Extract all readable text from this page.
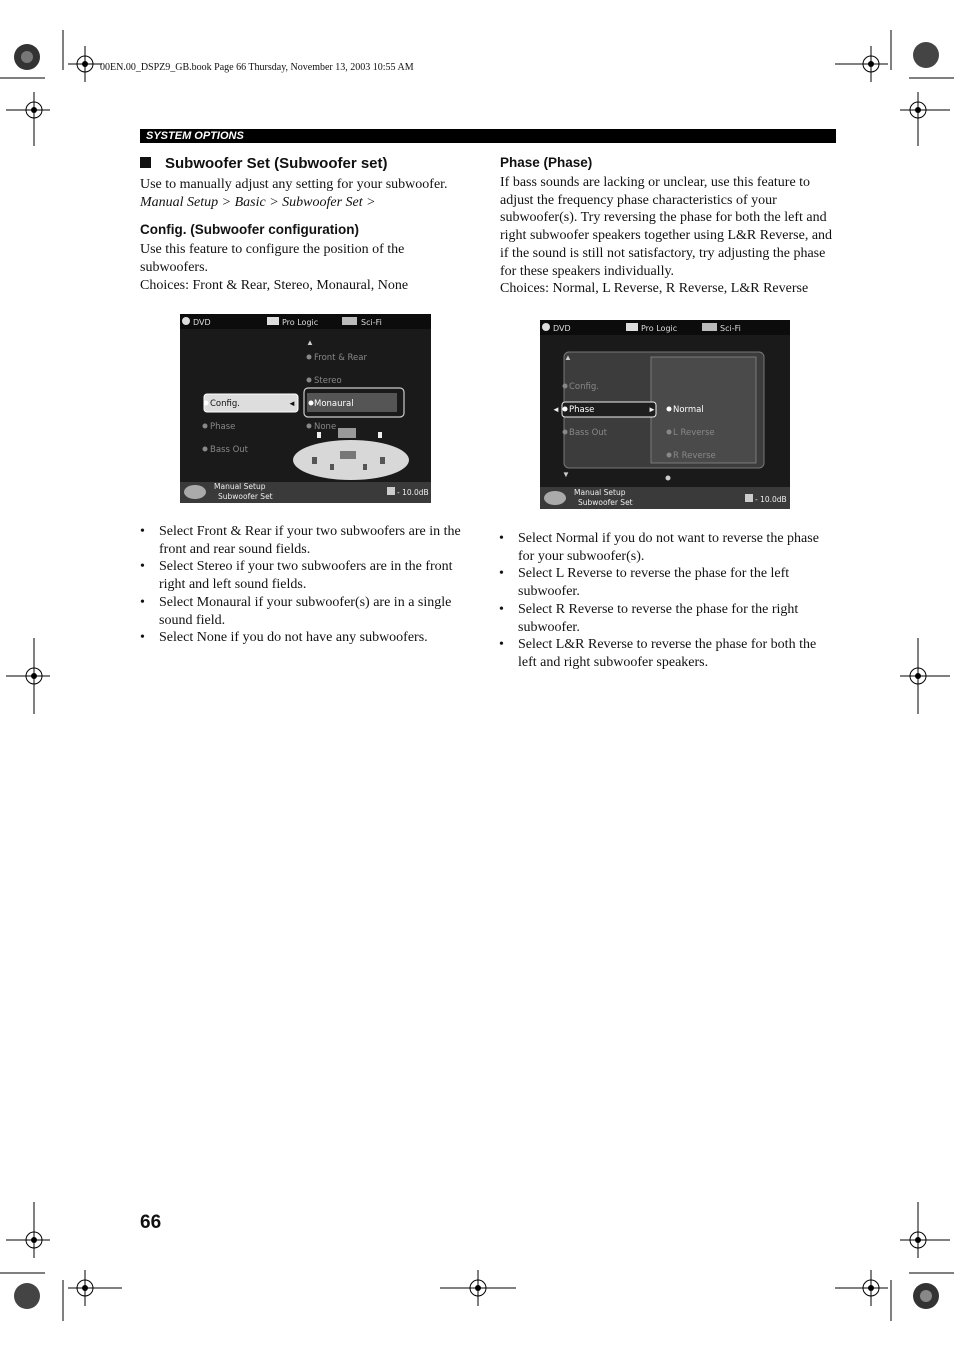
00EN.00_DSPZ9_GB.book Page 66 Thursday, November 13, 2003 10:55 AM
SYSTEM OPTIONS
Subwoofer Set (Subwoofer set)

Use to manually adjust any setting for your subwoofer.

Manual Setup > Basic > Subwoofer Set >

Config. (Subwoofer configuration)

Use this feature to configure the position of the subwoofers.

Choices: Front & Rear, Stereo, Monaural, None

Phase (Phase)

If bass sounds are lacking or unclear, use this feature to adjust the frequency phase characteristics of your subwoofer(s). Try reversing the phase for both the left and right subwoofer speakers together using L&R Reverse, and if the sound is still not satisfactory, try adjusting the phase for these speakers individually.

Choices: Normal, L Reverse, R Reverse, L&R Reverse

DVD	Pro Logic	Sci-Fi
▲
Front & Rear
Stereo
Monaural
Config.	◄
Phase
Bass Out
None
Manual Setup
Subwoofer Set	- 10.0dB
DVD	Pro Logic	Sci-Fi
▲
Config.
◄ Phase	►
Bass Out
Normal
L Reverse
R Reverse
▼
Manual Setup
Subwoofer Set	- 10.0dB
• Select Front & Rear if your two subwoofers are in the front and rear sound fields.
• Select Stereo if your two subwoofers are in the front right and left sound fields.
• Select Monaural if your subwoofer(s) are in a single sound field.
• Select None if you do not have any subwoofers.
• Select Normal if you do not want to reverse the phase for your subwoofer(s).
• Select L Reverse to reverse the phase for the left subwoofer.
• Select R Reverse to reverse the phase for the right subwoofer.
• Select L&R Reverse to reverse the phase for both the left and right subwoofer speakers.
66
